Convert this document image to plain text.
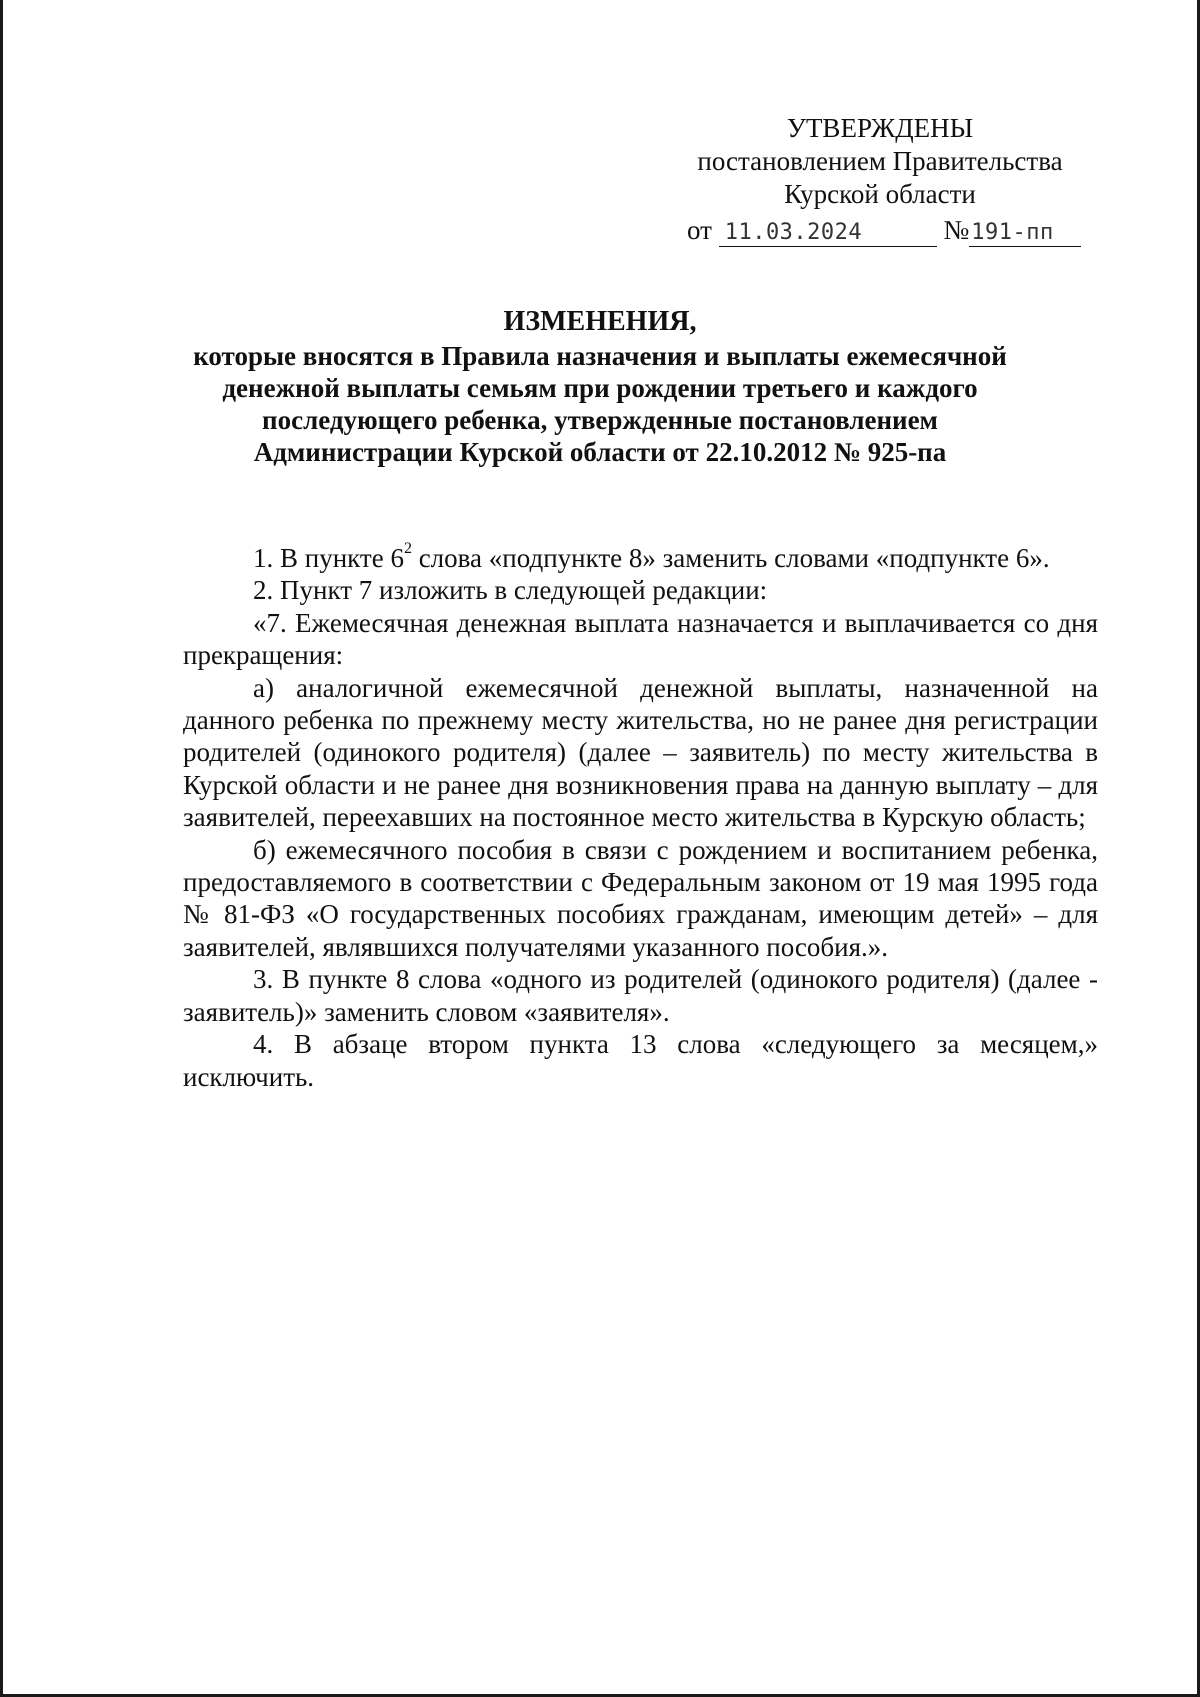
УТВЕРЖДЕНЫ
постановлением Правительства
Курской области
от 11.03.2024	№191-пп
ИЗМЕНЕНИЯ,
которые вносятся в Правила назначения и выплаты ежемесячной
денежной выплаты семьям при рождении третьего и каждого
последующего ребенка, утвержденные постановлением
Администрации Курской области от 22.10.2012 № 925-па

1. В пункте $6^2$ слова «подпункте 8» заменить словами «подпункте 6».

2. Пункт 7 изложить в следующей редакции:

«7. Ежемесячная денежная выплата назначается и выплачивается со дня прекращения:

а) аналогичной ежемесячной денежной выплаты, назначенной на данного ребенка по прежнему месту жительства, но не ранее дня регистрации родителей (одинокого родителя) (далее – заявитель) по месту жительства в Курской области и не ранее дня возникновения права на данную выплату – для заявителей, переехавших на постоянное место жительства в Курскую область;

б) ежемесячного пособия в связи с рождением и воспитанием ребенка, предоставляемого в соответствии с Федеральным законом от 19 мая 1995 года № 81-ФЗ «О государственных пособиях гражданам, имеющим детей» – для заявителей, являвшихся получателями указанного пособия.».

3. В пункте 8 слова «одного из родителей (одинокого родителя) (далее - заявитель)» заменить словом «заявителя».

4. В абзаце втором пункта 13 слова «следующего за месяцем,» исключить.
